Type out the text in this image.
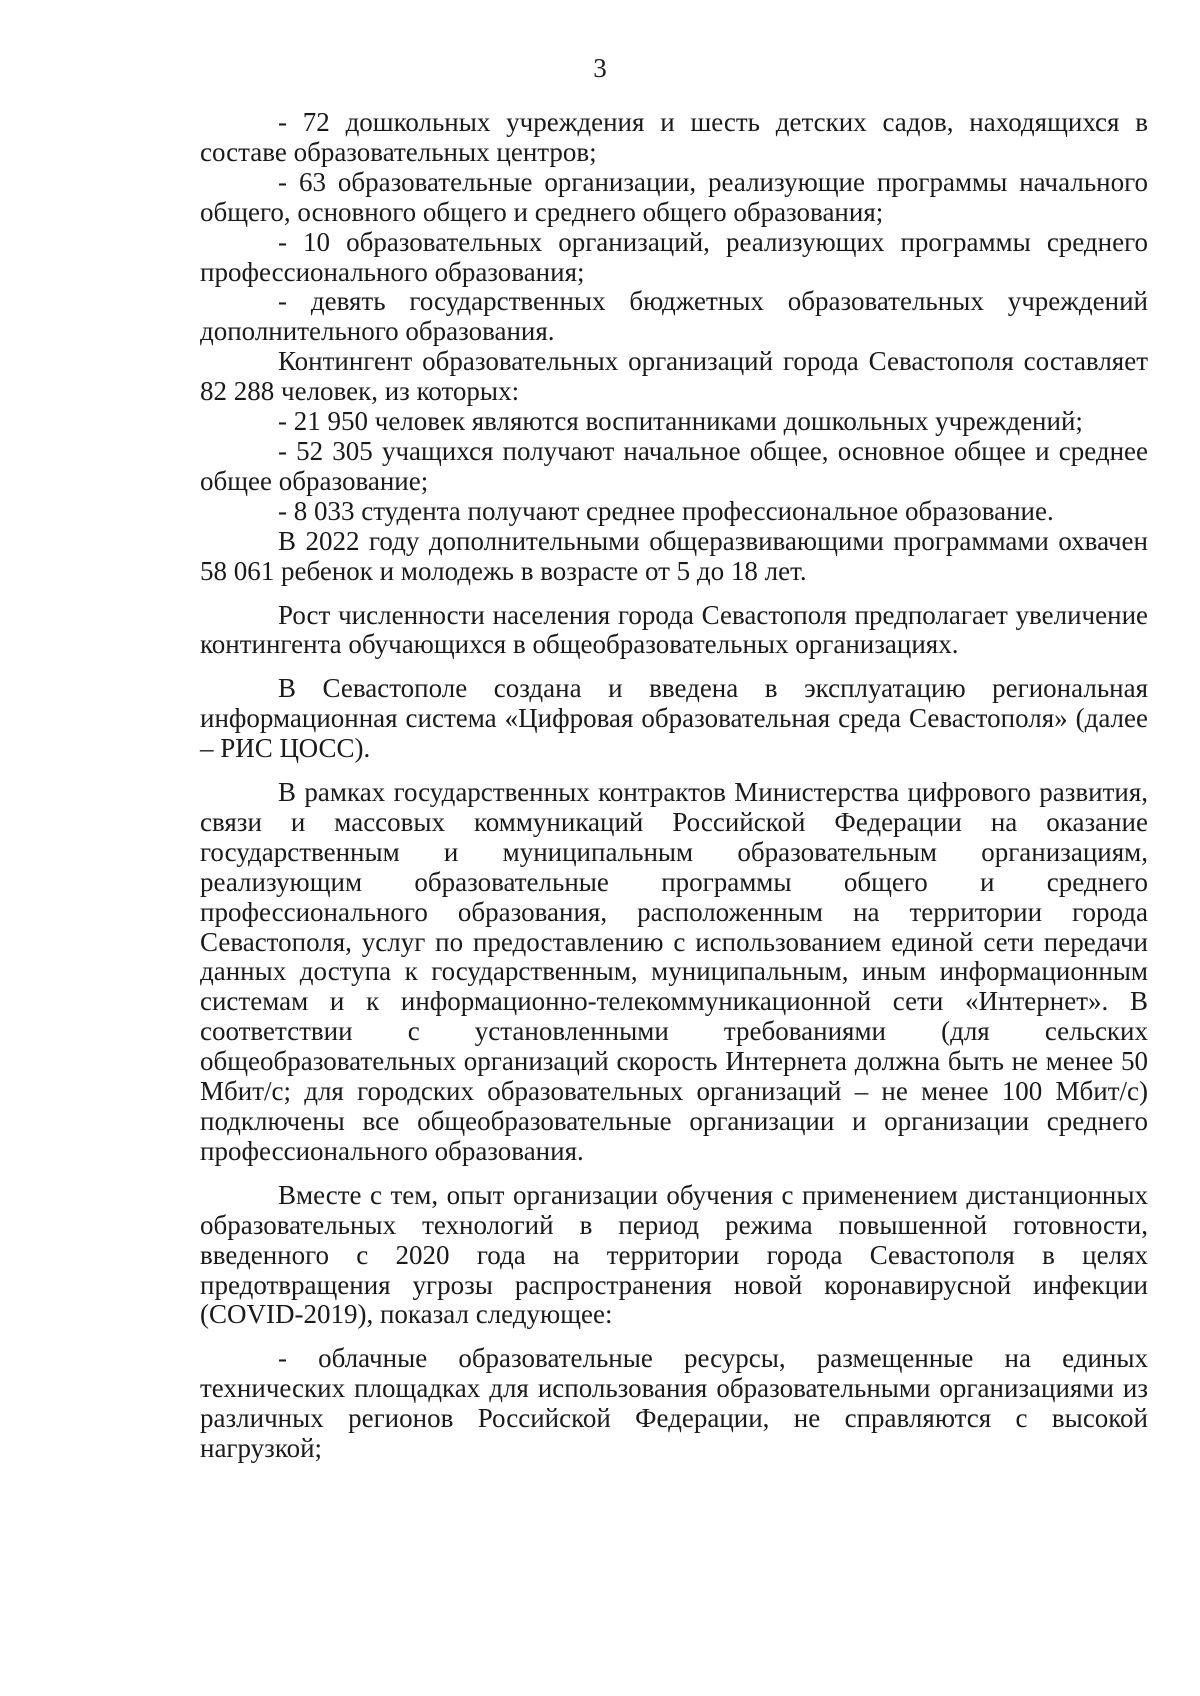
3

- 72 дошкольных учреждения и шесть детских садов, находящихся в составе образовательных центров;

- 63 образовательные организации, реализующие программы начального общего, основного общего и среднего общего образования;

- 10 образовательных организаций, реализующих программы среднего профессионального образования;

- девять государственных бюджетных образовательных учреждений дополнительного образования.

Контингент образовательных организаций города Севастополя составляет 82 288 человек, из которых:

- 21 950 человек являются воспитанниками дошкольных учреждений;

- 52 305 учащихся получают начальное общее, основное общее и среднее общее образование;

- 8 033 студента получают среднее профессиональное образование.

В 2022 году дополнительными общеразвивающими программами охвачен 58 061 ребенок и молодежь в возрасте от 5 до 18 лет.

Рост численности населения города Севастополя предполагает увеличение контингента обучающихся в общеобразовательных организациях.

В Севастополе создана и введена в эксплуатацию региональная информационная система «Цифровая образовательная среда Севастополя» (далее – РИС ЦОСС).

В рамках государственных контрактов Министерства цифрового развития, связи и массовых коммуникаций Российской Федерации на оказание государственным и муниципальным образовательным организациям, реализующим образовательные программы общего и среднего профессионального образования, расположенным на территории города Севастополя, услуг по предоставлению с использованием единой сети передачи данных доступа к государственным, муниципальным, иным информационным системам и к информационно-телекоммуникационной сети «Интернет». В соответствии с установленными требованиями (для сельских общеобразовательных организаций скорость Интернета должна быть не менее 50 Мбит/с; для городских образовательных организаций – не менее 100 Мбит/с) подключены все общеобразовательные организации и организации среднего профессионального образования.

Вместе с тем, опыт организации обучения с применением дистанционных образовательных технологий в период режима повышенной готовности, введенного с 2020 года на территории города Севастополя в целях предотвращения угрозы распространения новой коронавирусной инфекции (COVID-2019), показал следующее:

- облачные образовательные ресурсы, размещенные на единых технических площадках для использования образовательными организациями из различных регионов Российской Федерации, не справляются с высокой нагрузкой;
